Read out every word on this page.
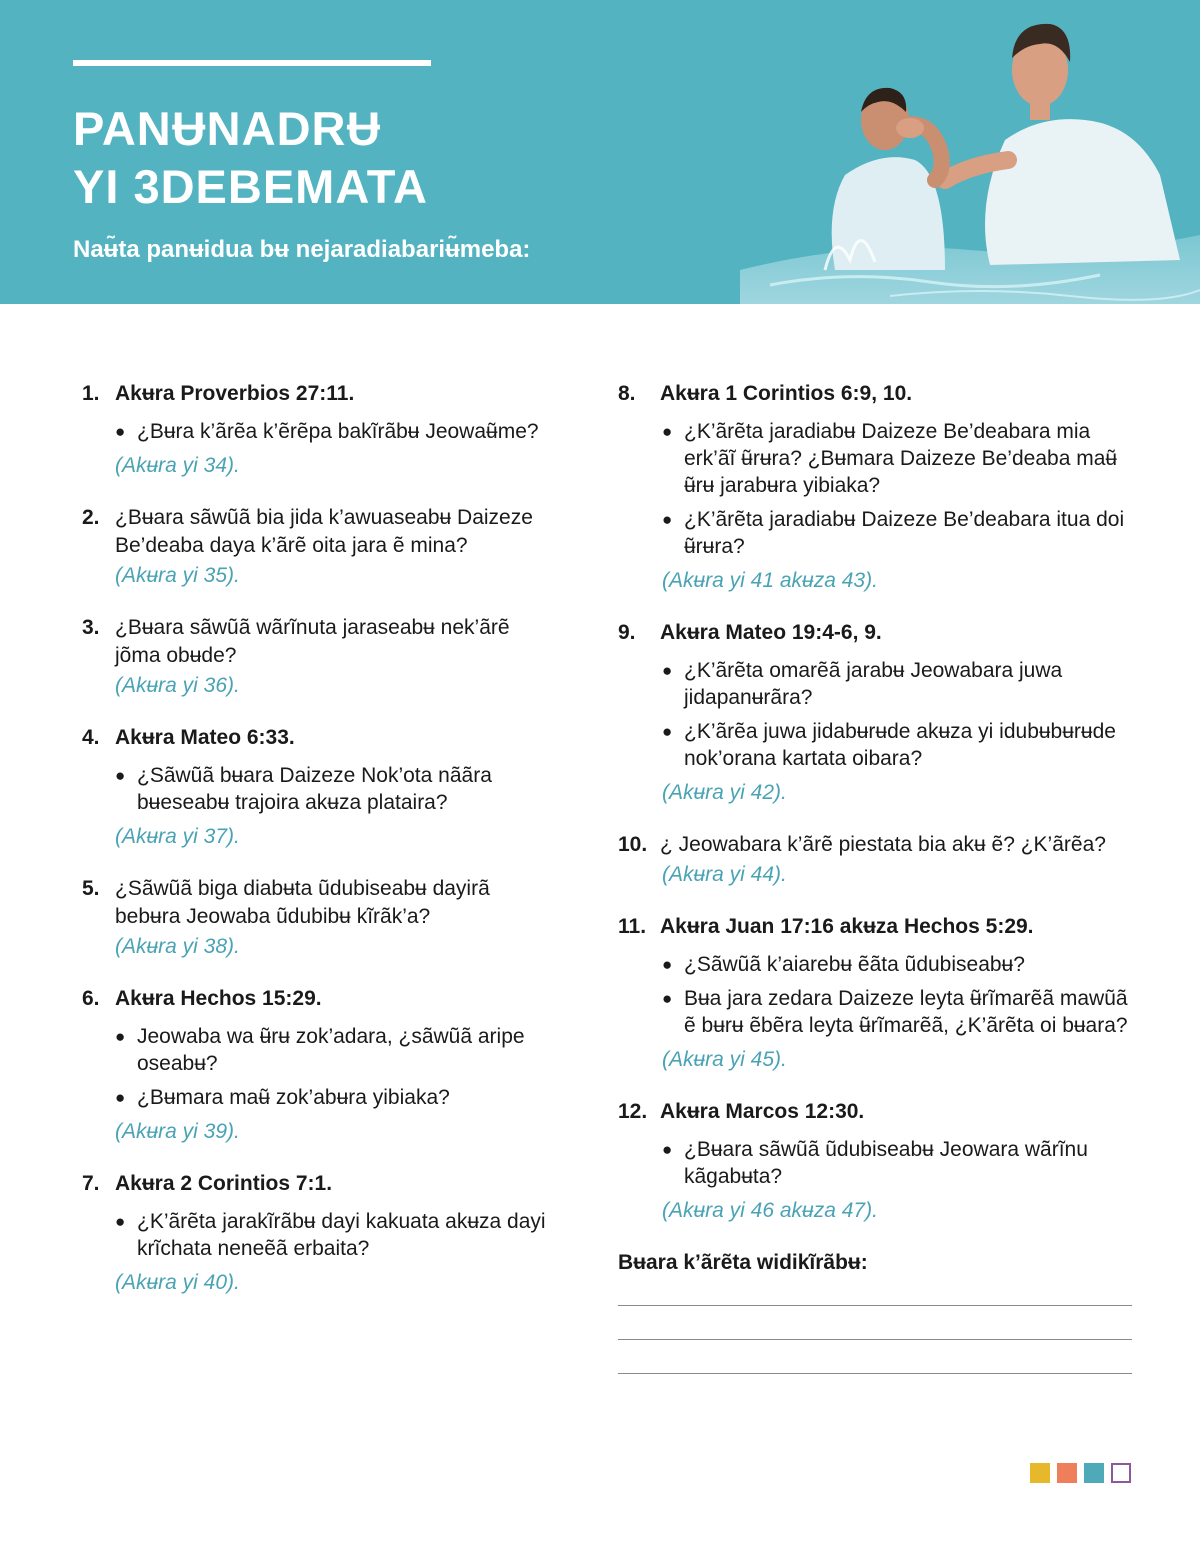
PANɄNADRɄ
YI 3DEBEMATA

Naʉ̃ta panʉidua bʉ nejaradiabariʉ̃meba:

1. Akʉra Proverbios 27:11.
● ¿Bʉra k’ãrẽa k’ẽrẽpa bakĩrãbʉ Jeowaʉ̃me?
(Akʉra yi 34).
2. ¿Bʉara sãwũã bia jida k’awuaseabʉ Daizeze Be’deaba daya k’ãrẽ oita jara ẽ mina?
(Akʉra yi 35).
3. ¿Bʉara sãwũã wãrĩnuta jaraseabʉ nek’ãrẽ jõma obʉde?
(Akʉra yi 36).
4. Akʉra Mateo 6:33.
● ¿Sãwũã bʉara Daizeze Nok’ota nããra bʉeseabʉ trajoira akʉza plataira?
(Akʉra yi 37).
5. ¿Sãwũã biga diabʉta ũdubiseabʉ dayirã bebʉra Jeowaba ũdubibʉ kĩrãk’a?
(Akʉra yi 38).
6. Akʉra Hechos 15:29.
● Jeowaba wa ʉ̃rʉ zok’adara, ¿sãwũã aripe oseabʉ?
● ¿Bʉmara maʉ̃ zok’abʉra yibiaka?
(Akʉra yi 39).
7. Akʉra 2 Corintios 7:1.
● ¿K’ãrẽta jarakĩrãbʉ dayi kakuata akʉza dayi krĩchata neneẽã erbaita?
(Akʉra yi 40).
8.	Akʉra 1 Corintios 6:9, 10.
● ¿K’ãrẽta jaradiabʉ Daizeze Be’deabara mia erk’ãĩ ʉ̃rʉra? ¿Bʉmara Daizeze Be’deaba maʉ̃ ʉ̃rʉ jarabʉra yibiaka?
● ¿K’ãrẽta jaradiabʉ Daizeze Be’deabara itua doi ʉ̃rʉra?
(Akʉra yi 41 akʉza 43).
9.	Akʉra Mateo 19:4-6, 9.
● ¿K’ãrẽta omarẽã jarabʉ Jeowabara juwa jidapanʉrãra?
● ¿K’ãrẽa juwa jidabʉrʉde akʉza yi idubʉbʉrʉde nok’orana kartata oibara?
(Akʉra yi 42).
10. ¿ Jeowabara k’ãrẽ piestata bia akʉ ẽ? ¿K’ãrẽa?
(Akʉra yi 44).
11. Akʉra Juan 17:16 akʉza Hechos 5:29.
● ¿Sãwũã k’aiarebʉ ẽãta ũdubiseabʉ?
● Bʉa jara zedara Daizeze leyta ʉ̃rĩmarẽã mawũã ẽ bʉrʉ ẽbẽra leyta ʉ̃rĩmarẽã, ¿K’ãrẽta oi bʉara?
(Akʉra yi 45).
12. Akʉra Marcos 12:30.
● ¿Bʉara sãwũã ũdubiseabʉ Jeowara wãrĩnu kãgabʉta?
(Akʉra yi 46 akʉza 47).

Bʉara k’ãrẽta widikĩrãbʉ:
